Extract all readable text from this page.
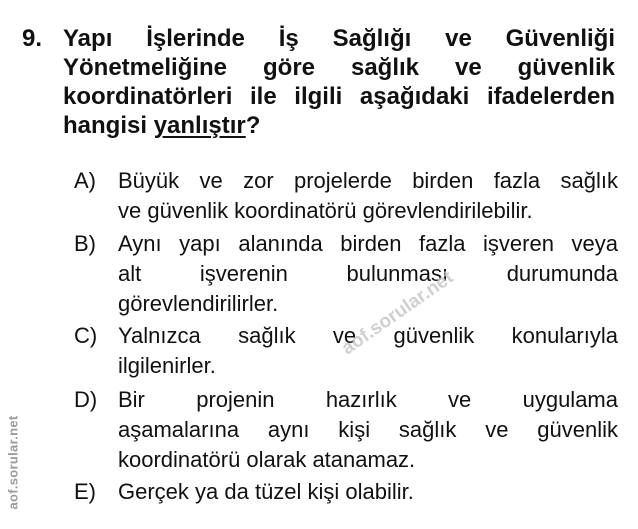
9. Yapı İşlerinde İş Sağlığı ve Güvenliği
Yönetmeliğine göre sağlık ve güvenlik
koordinatörleri ile ilgili aşağıdaki ifadelerden
hangisi yanlıştır?
A) Büyük ve zor projelerde birden fazla sağlık
ve güvenlik koordinatörü görevlendirilebilir.
B) Aynı yapı alanında birden fazla işveren veya
alt işverenin bulunması durumunda
görevlendirilirler.
C) Yalnızca sağlık ve güvenlik konularıyla
ilgilenirler.
D) Bir projenin hazırlık ve uygulama
aşamalarına aynı kişi sağlık ve güvenlik
koordinatörü olarak atanamaz.
E) Gerçek ya da tüzel kişi olabilir.
aof.sorular.net
aof.sorular.net
